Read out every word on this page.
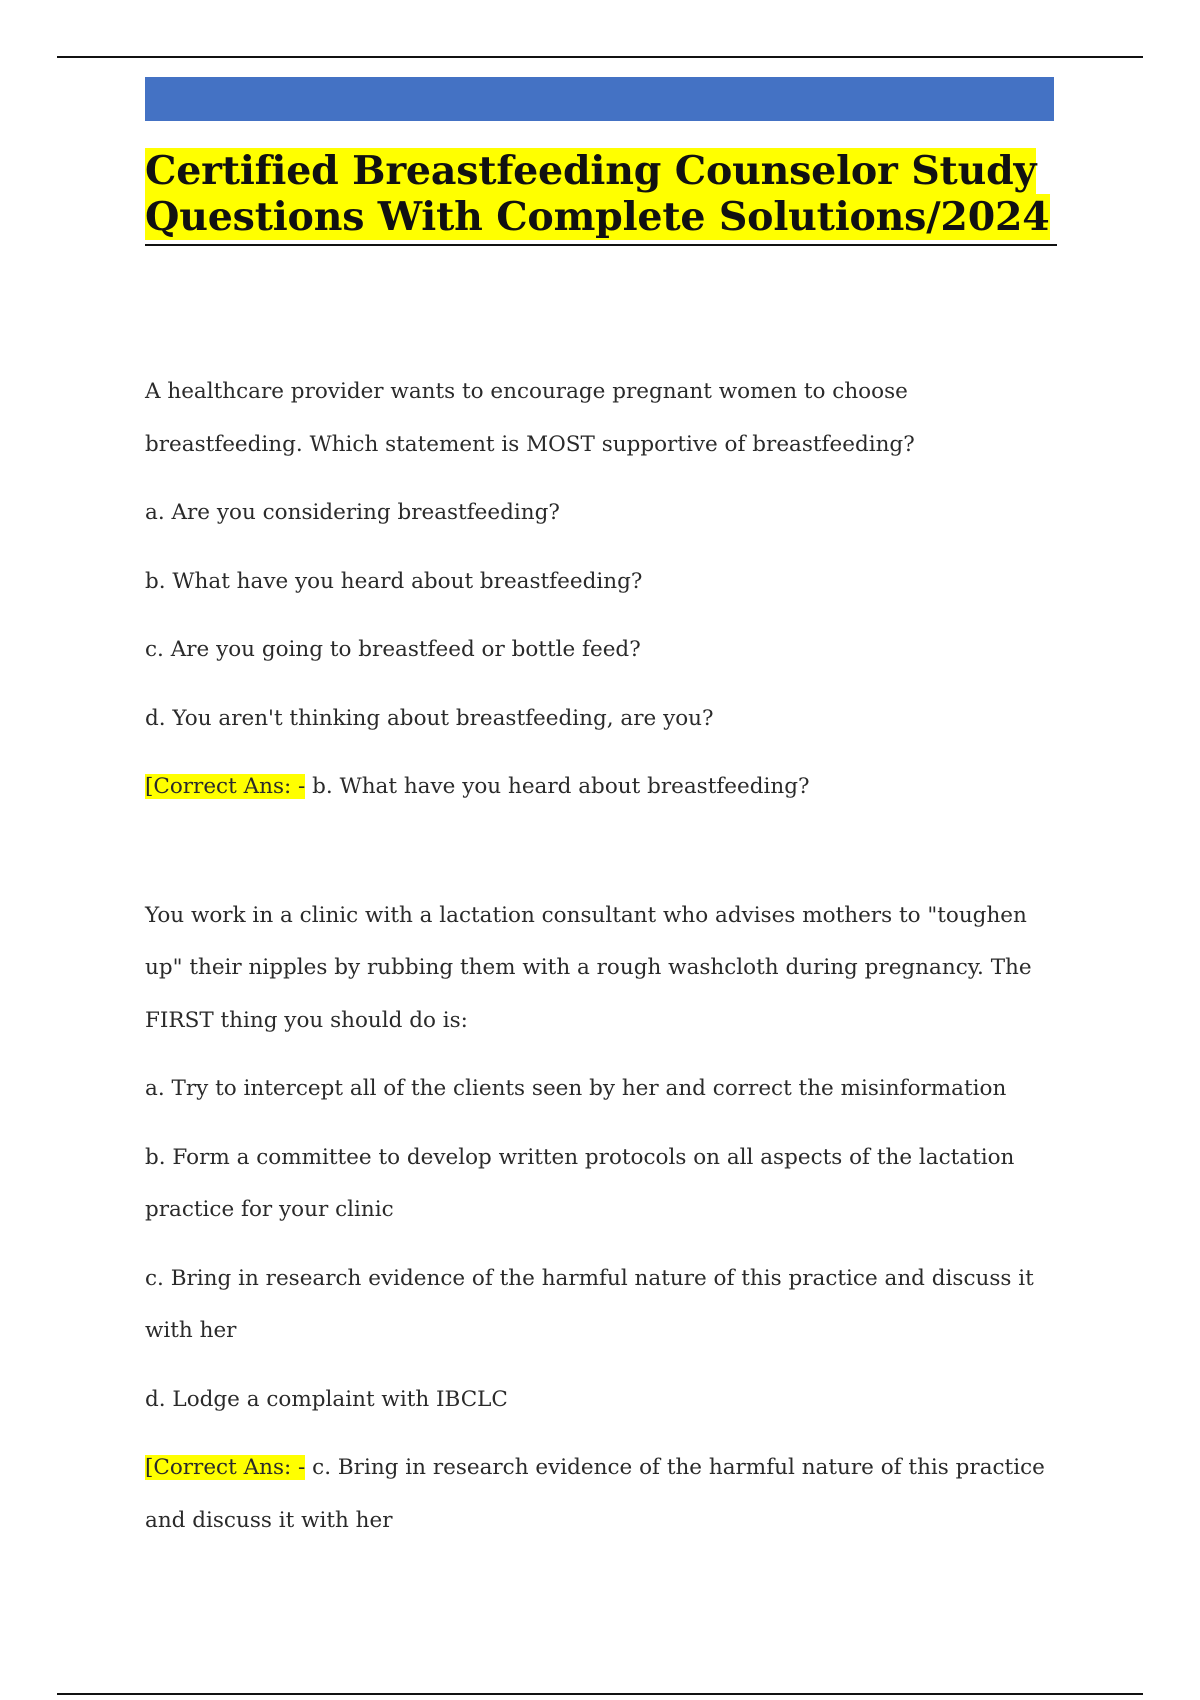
Certified Breastfeeding Counselor Study
Questions With Complete Solutions/2024

A healthcare provider wants to encourage pregnant women to choose breastfeeding. Which statement is MOST supportive of breastfeeding?

a. Are you considering breastfeeding?

b. What have you heard about breastfeeding?

c. Are you going to breastfeed or bottle feed?

d. You aren't thinking about breastfeeding, are you?

[Correct Ans: - b. What have you heard about breastfeeding?

You work in a clinic with a lactation consultant who advises mothers to "toughen up" their nipples by rubbing them with a rough washcloth during pregnancy. The FIRST thing you should do is:

a. Try to intercept all of the clients seen by her and correct the misinformation

b. Form a committee to develop written protocols on all aspects of the lactation practice for your clinic

c. Bring in research evidence of the harmful nature of this practice and discuss it with her

d. Lodge a complaint with IBCLC

[Correct Ans: - c. Bring in research evidence of the harmful nature of this practice and discuss it with her
